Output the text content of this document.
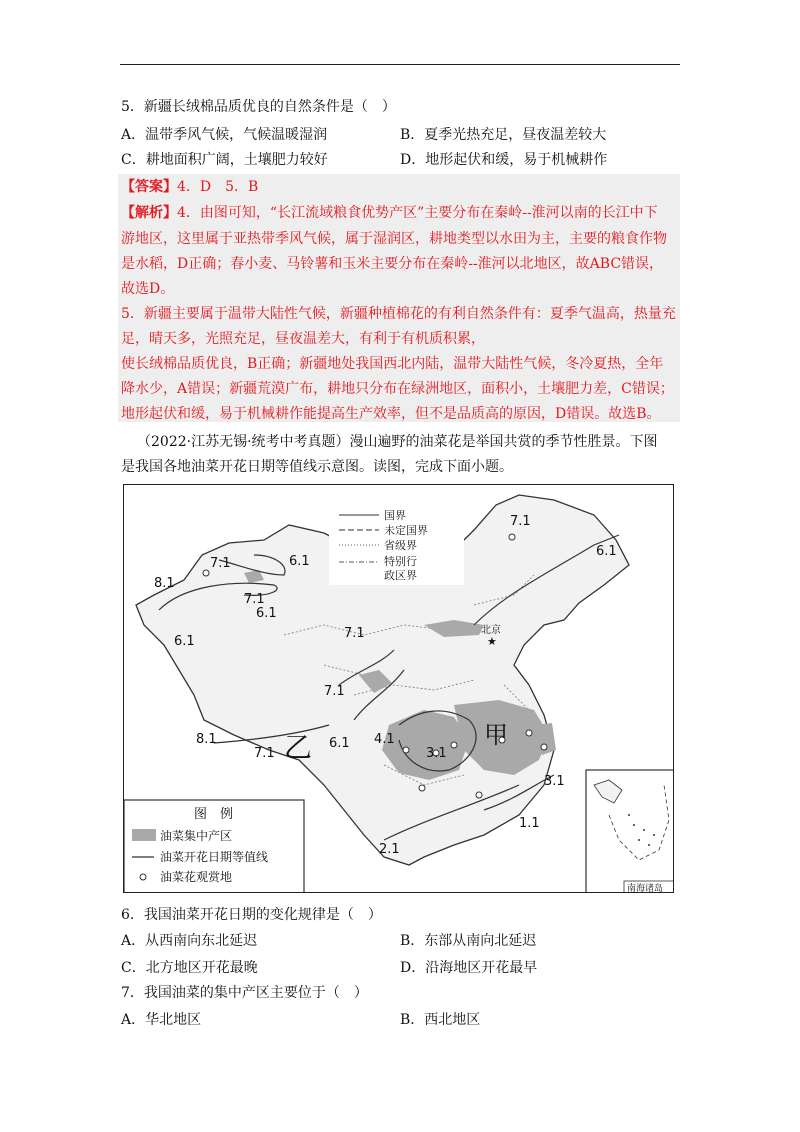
5．新疆长绒棉品质优良的自然条件是（　）
A．温带季风气候，气候温暖湿润	B．夏季光热充足，昼夜温差较大
C．耕地面积广阔，土壤肥力较好	D．地形起伏和缓，易于机械耕作
【答案】4．D　5．B
【解析】4．由图可知，“长江流域粮食优势产区”主要分布在秦岭--淮河以南的长江中下
游地区，这里属于亚热带季风气候，属于湿润区，耕地类型以水田为主，主要的粮食作物
是水稻，D正确；春小麦、马铃薯和玉米主要分布在秦岭--淮河以北地区，故ABC错误，
故选D。
5．新疆主要属于温带大陆性气候，新疆种植棉花的有利自然条件有：夏季气温高，热量充
足，晴天多，光照充足，昼夜温差大，有利于有机质积累，
使长绒棉品质优良，B正确；新疆地处我国西北内陆，温带大陆性气候，冬冷夏热，全年
降水少，A错误；新疆荒漠广布，耕地只分布在绿洲地区，面积小，土壤肥力差，C错误；
地形起伏和缓，易于机械耕作能提高生产效率，但不是品质高的原因，D错误。故选B。
（2022·江苏无锡·统考中考真题）漫山遍野的油菜花是举国共赏的季节性胜景。下图
是我国各地油菜开花日期等值线示意图。读图，完成下面小题。
★
北京
国界
未定国界
省级界
特别行
政区界
7.1
6.1
7.1
8.1
7.1
6.1
6.1
6.1
7.1
7.1
6.1 4.1
3.1
8.1
7.1
3.1
1.1
2.1
乙	甲
图　例
油菜集中产区
油菜开花日期等值线
油菜花观赏地
南海诸岛
6．我国油菜开花日期的变化规律是（　）
A．从西南向东北延迟	B．东部从南向北延迟
C．北方地区开花最晚	D．沿海地区开花最早
7．我国油菜的集中产区主要位于（　）
A．华北地区	B．西北地区
